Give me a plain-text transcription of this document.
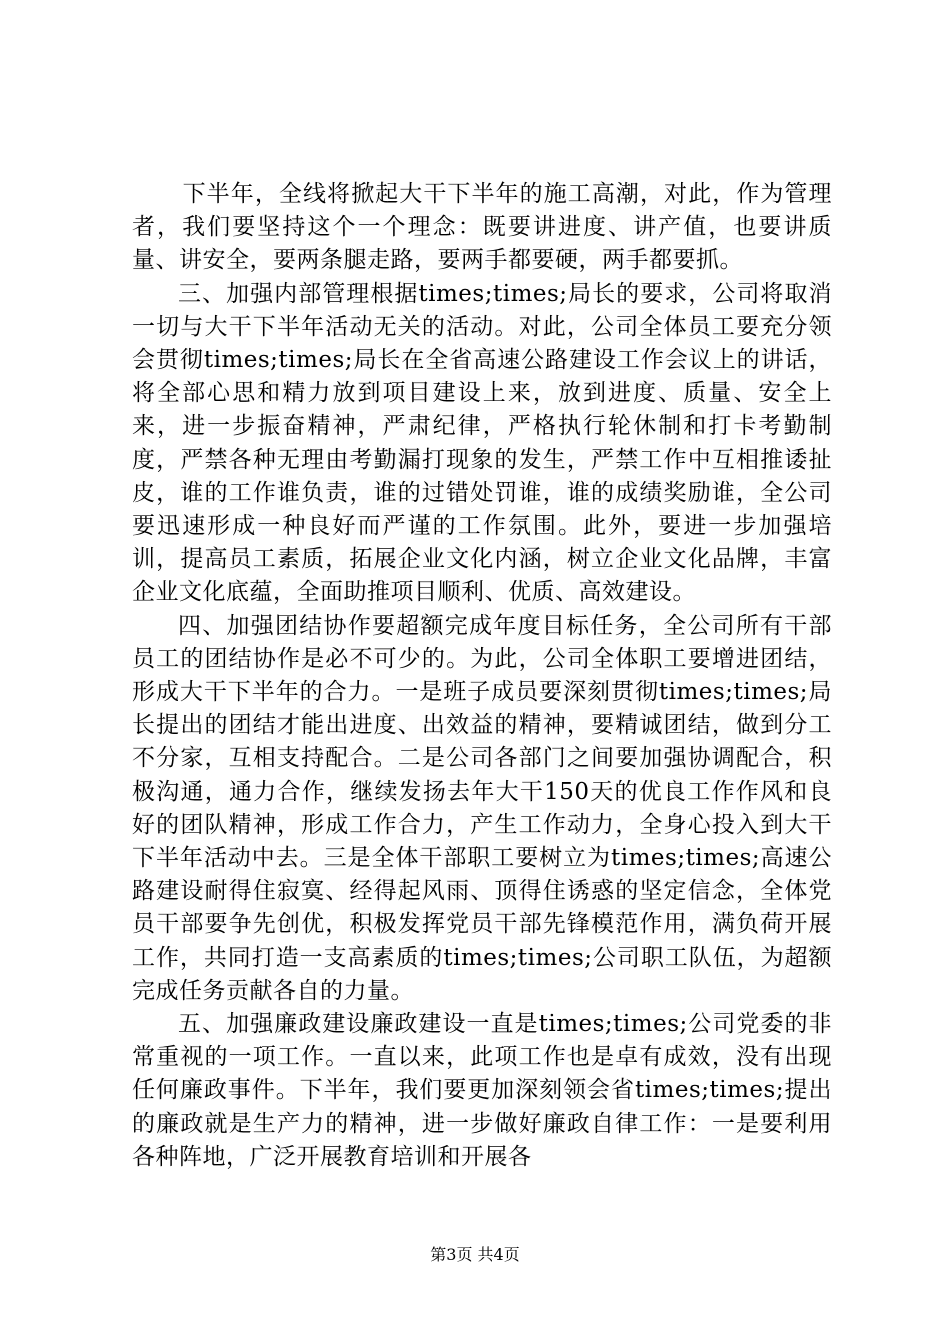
下半年，全线将掀起大干下半年的施工高潮，对此，作为管理者，我们要坚持这个一个理念：既要讲进度、讲产值，也要讲质量、讲安全，要两条腿走路，要两手都要硬，两手都要抓。

三、加强内部管理根据times;times;局长的要求，公司将取消一切与大干下半年活动无关的活动。对此，公司全体员工要充分领会贯彻times;times;局长在全省高速公路建设工作会议上的讲话，将全部心思和精力放到项目建设上来，放到进度、质量、安全上来，进一步振奋精神，严肃纪律，严格执行轮休制和打卡考勤制度，严禁各种无理由考勤漏打现象的发生，严禁工作中互相推诿扯皮，谁的工作谁负责，谁的过错处罚谁，谁的成绩奖励谁，全公司要迅速形成一种良好而严谨的工作氛围。此外，要进一步加强培训，提高员工素质，拓展企业文化内涵，树立企业文化品牌，丰富企业文化底蕴，全面助推项目顺利、优质、高效建设。

四、加强团结协作要超额完成年度目标任务，全公司所有干部员工的团结协作是必不可少的。为此，公司全体职工要增进团结，形成大干下半年的合力。一是班子成员要深刻贯彻times;times;局长提出的团结才能出进度、出效益的精神，要精诚团结，做到分工不分家，互相支持配合。二是公司各部门之间要加强协调配合，积极沟通，通力合作，继续发扬去年大干150天的优良工作作风和良好的团队精神，形成工作合力，产生工作动力，全身心投入到大干下半年活动中去。三是全体干部职工要树立为times;times;高速公路建设耐得住寂寞、经得起风雨、顶得住诱惑的坚定信念，全体党员干部要争先创优，积极发挥党员干部先锋模范作用，满负荷开展工作，共同打造一支高素质的times;times;公司职工队伍，为超额完成任务贡献各自的力量。

五、加强廉政建设廉政建设一直是times;times;公司党委的非常重视的一项工作。一直以来，此项工作也是卓有成效，没有出现任何廉政事件。下半年，我们要更加深刻领会省times;times;提出的廉政就是生产力的精神，进一步做好廉政自律工作：一是要利用各种阵地，广泛开展教育培训和开展各

第3页 共4页
